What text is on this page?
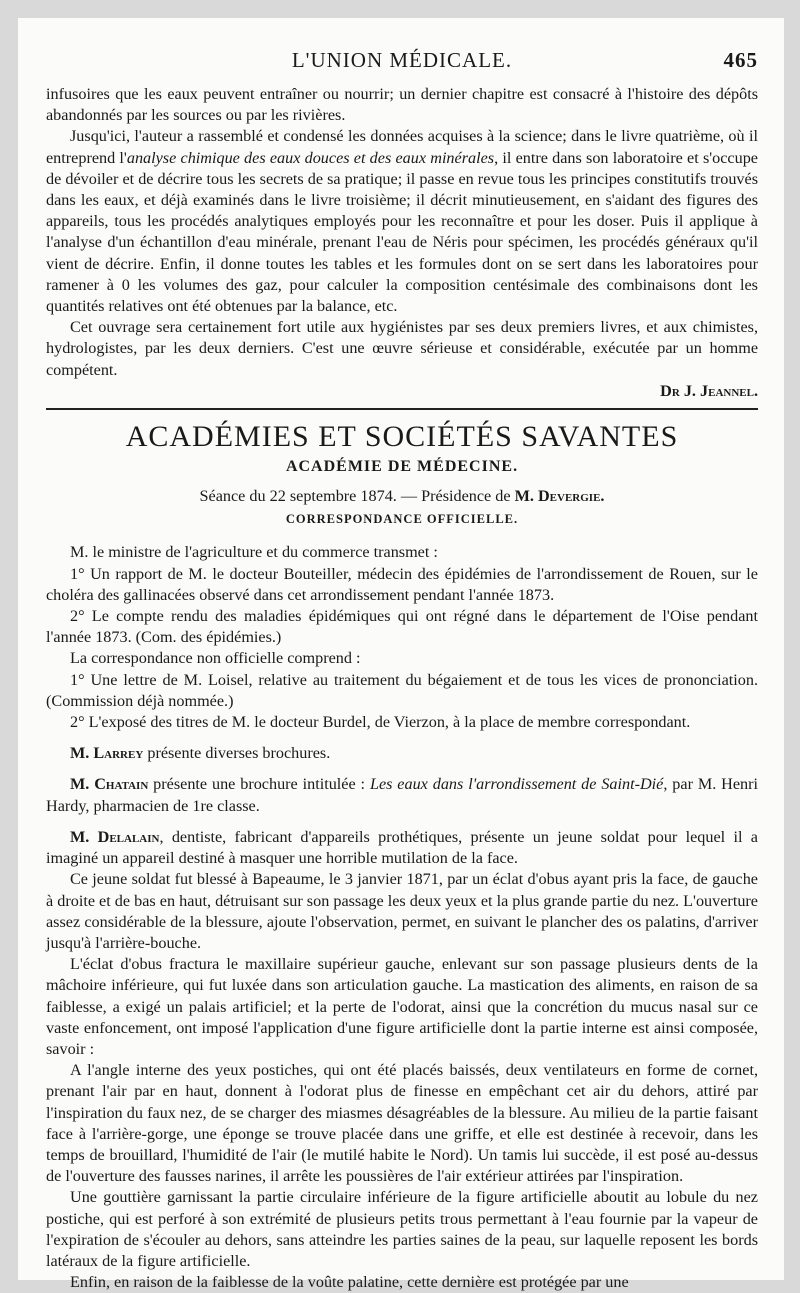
L'UNION MÉDICALE.	465

infusoires que les eaux peuvent entraîner ou nourrir; un dernier chapitre est consacré à l'histoire des dépôts abandonnés par les sources ou par les rivières.

Jusqu'ici, l'auteur a rassemblé et condensé les données acquises à la science; dans le livre quatrième, où il entreprend l'analyse chimique des eaux douces et des eaux minérales, il entre dans son laboratoire et s'occupe de dévoiler et de décrire tous les secrets de sa pratique; il passe en revue tous les principes constitutifs trouvés dans les eaux, et déjà examinés dans le livre troisième; il décrit minutieusement, en s'aidant des figures des appareils, tous les procédés analytiques employés pour les reconnaître et pour les doser. Puis il applique à l'analyse d'un échantillon d'eau minérale, prenant l'eau de Néris pour spécimen, les procédés généraux qu'il vient de décrire. Enfin, il donne toutes les tables et les formules dont on se sert dans les laboratoires pour ramener à 0 les volumes des gaz, pour calculer la composition centésimale des combinaisons dont les quantités relatives ont été obtenues par la balance, etc.

Cet ouvrage sera certainement fort utile aux hygiénistes par ses deux premiers livres, et aux chimistes, hydrologistes, par les deux derniers. C'est une œuvre sérieuse et considérable, exécutée par un homme compétent.

Dr J. Jeannel.
ACADÉMIES ET SOCIÉTÉS SAVANTES
ACADÉMIE DE MÉDECINE.

Séance du 22 septembre 1874. — Présidence de M. Devergie.

CORRESPONDANCE OFFICIELLE.

M. le ministre de l'agriculture et du commerce transmet :

1° Un rapport de M. le docteur Bouteiller, médecin des épidémies de l'arrondissement de Rouen, sur le choléra des gallinacées observé dans cet arrondissement pendant l'année 1873.

2° Le compte rendu des maladies épidémiques qui ont régné dans le département de l'Oise pendant l'année 1873. (Com. des épidémies.)

La correspondance non officielle comprend :

1° Une lettre de M. Loisel, relative au traitement du bégaiement et de tous les vices de prononciation. (Commission déjà nommée.)

2° L'exposé des titres de M. le docteur Burdel, de Vierzon, à la place de membre correspondant.

M. Larrey présente diverses brochures.

M. Chatain présente une brochure intitulée : Les eaux dans l'arrondissement de Saint-Dié, par M. Henri Hardy, pharmacien de 1re classe.

M. Delalain, dentiste, fabricant d'appareils prothétiques, présente un jeune soldat pour lequel il a imaginé un appareil destiné à masquer une horrible mutilation de la face.

Ce jeune soldat fut blessé à Bapeaume, le 3 janvier 1871, par un éclat d'obus ayant pris la face, de gauche à droite et de bas en haut, détruisant sur son passage les deux yeux et la plus grande partie du nez. L'ouverture assez considérable de la blessure, ajoute l'observation, permet, en suivant le plancher des os palatins, d'arriver jusqu'à l'arrière-bouche.

L'éclat d'obus fractura le maxillaire supérieur gauche, enlevant sur son passage plusieurs dents de la mâchoire inférieure, qui fut luxée dans son articulation gauche. La mastication des aliments, en raison de sa faiblesse, a exigé un palais artificiel; et la perte de l'odorat, ainsi que la concrétion du mucus nasal sur ce vaste enfoncement, ont imposé l'application d'une figure artificielle dont la partie interne est ainsi composée, savoir :

A l'angle interne des yeux postiches, qui ont été placés baissés, deux ventilateurs en forme de cornet, prenant l'air par en haut, donnent à l'odorat plus de finesse en empêchant cet air du dehors, attiré par l'inspiration du faux nez, de se charger des miasmes désagréables de la blessure. Au milieu de la partie faisant face à l'arrière-gorge, une éponge se trouve placée dans une griffe, et elle est destinée à recevoir, dans les temps de brouillard, l'humidité de l'air (le mutilé habite le Nord). Un tamis lui succède, il est posé au-dessus de l'ouverture des fausses narines, il arrête les poussières de l'air extérieur attirées par l'inspiration.

Une gouttière garnissant la partie circulaire inférieure de la figure artificielle aboutit au lobule du nez postiche, qui est perforé à son extrémité de plusieurs petits trous permettant à l'eau fournie par la vapeur de l'expiration de s'écouler au dehors, sans atteindre les parties saines de la peau, sur laquelle reposent les bords latéraux de la figure artificielle.

Enfin, en raison de la faiblesse de la voûte palatine, cette dernière est protégée par une
